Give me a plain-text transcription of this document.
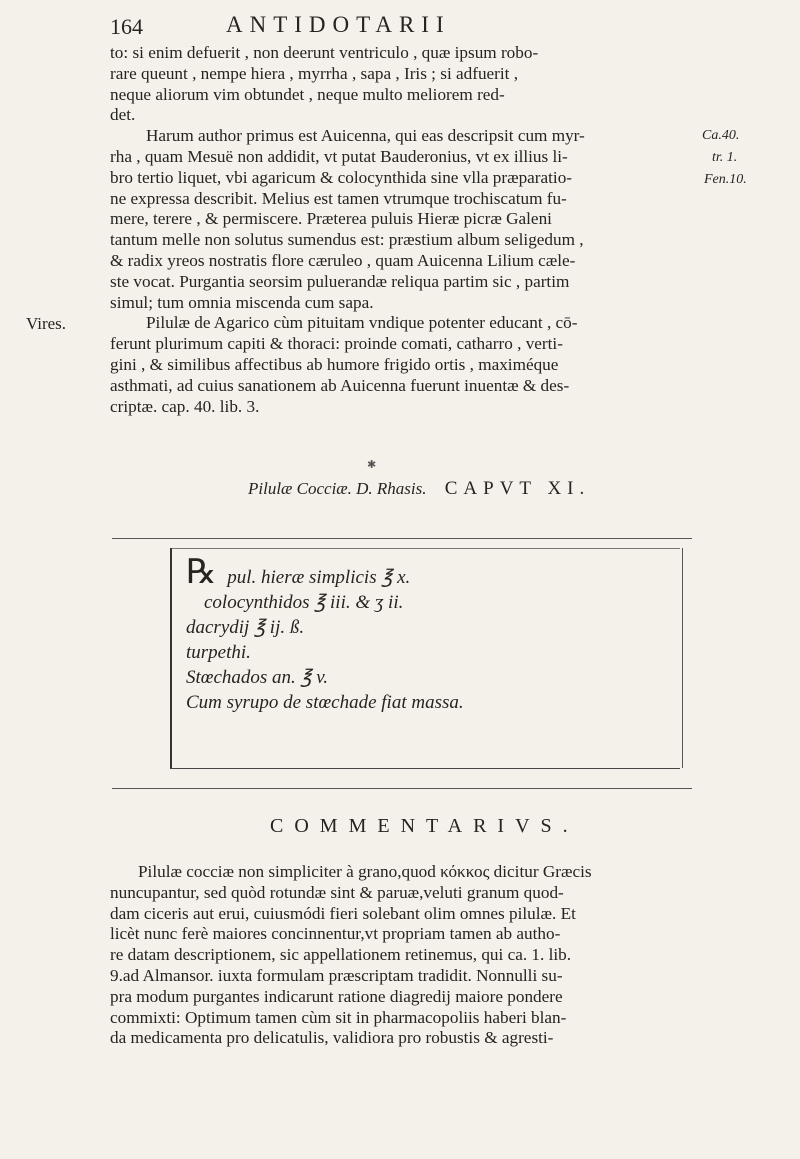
164	ANTIDOTARII
to: si enim defuerit , non deerunt ventriculo , quæ ipsum robo-
rare queunt , nempe hiera , myrrha , sapa , Iris ; si adfuerit ,
neque aliorum vim obtundet , neque multo meliorem red-
det.
Harum author primus est Auicenna, qui eas descripsit cum myr-
rha , quam Mesuë non addidit, vt putat Bauderonius, vt ex illius li-
bro tertio liquet, vbi agaricum & colocynthida sine vlla præparatio-
ne expressa describit. Melius est tamen vtrumque trochiscatum fu-
mere, terere , & permiscere. Præterea puluis Hieræ picræ Galeni
tantum melle non solutus sumendus est: præstium album seligedum ,
& radix yreos nostratis flore cæruleo , quam Auicenna Lilium cæle-
ste vocat. Purgantia seorsim puluerandæ reliqua partim sic , partim
simul; tum omnia miscenda cum sapa.
Pilulæ de Agarico cùm pituitam vndique potenter educant , cō-
ferunt plurimum capiti & thoraci: proinde comati, catharro , verti-
gini , & similibus affectibus ab humore frigido ortis , maximéque
asthmati, ad cuius sanationem ab Auicenna fuerunt inuentæ & des-
criptæ. cap. 40. lib. 3.
Ca.40.
tr. 1.
Fen.10.
Vires.
✱
Pilulæ Cocciæ. D. Rhasis. CAPVT XI.
℞ pul. hieræ simplicis ℥ x.
colocynthidos ℥ iii. & ʒ ii.
dacrydij ℥ ij. ß.
turpethi.
Stœchados an. ℥ v.
Cum syrupo de stœchade fiat massa.
COMMENTARIVS.
Pilulæ cocciæ non simpliciter à grano,quod κόκκος dicitur Græcis
nuncupantur, sed quòd rotundæ sint & paruæ,veluti granum quod-
dam ciceris aut erui, cuiusmódi fieri solebant olim omnes pilulæ. Et
licèt nunc ferè maiores concinnentur,vt propriam tamen ab autho-
re datam descriptionem, sic appellationem retinemus, qui ca. 1. lib.
9.ad Almansor. iuxta formulam præscriptam tradidit. Nonnulli su-
pra modum purgantes indicarunt ratione diagredij maiore pondere
commixti: Optimum tamen cùm sit in pharmacopoliis haberi blan-
da medicamenta pro delicatulis, validiora pro robustis & agresti-
